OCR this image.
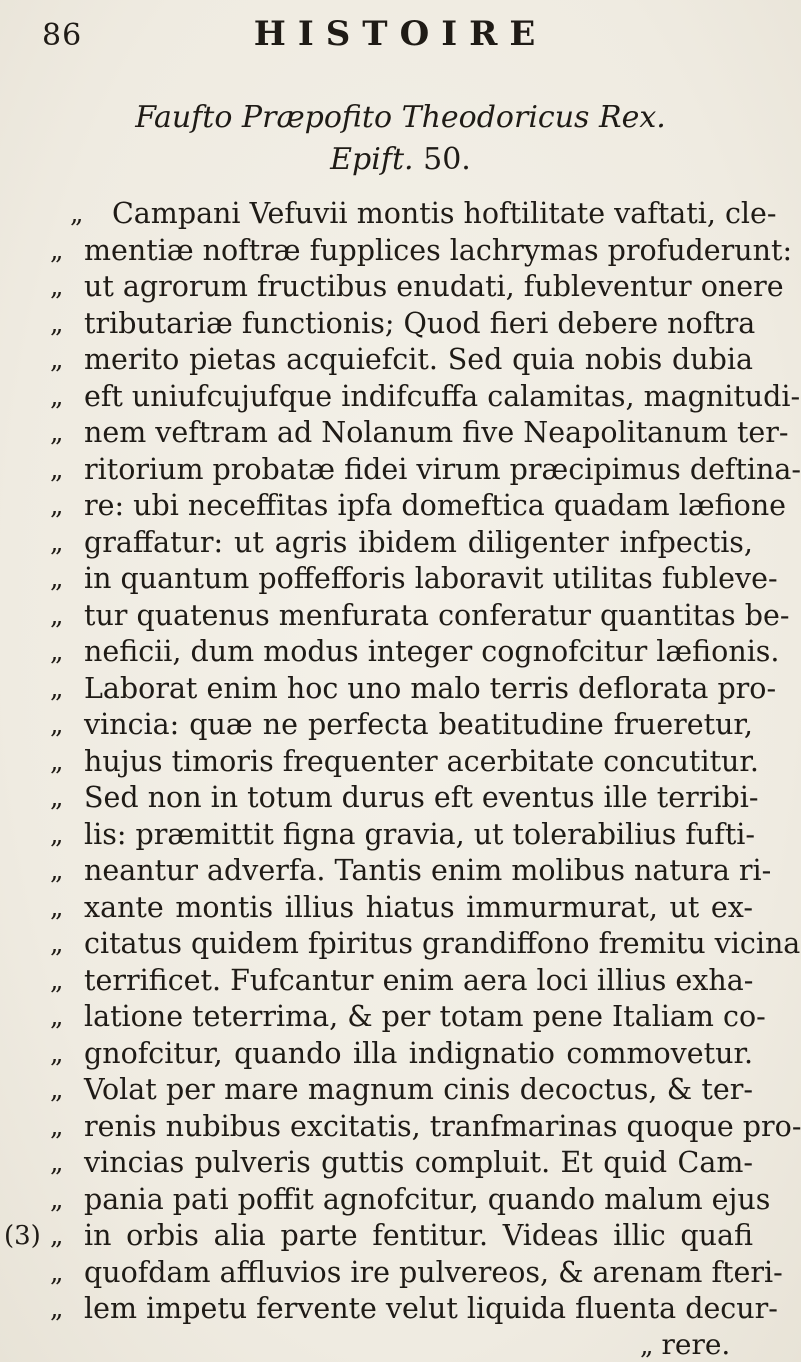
86	HISTOIRE
Faufto Præpofito Theodoricus Rex.
Epift. 50.
„	Campani Vefuvii montis hoftilitate vaftati, cle-
„ mentiæ noftræ fupplices lachrymas profuderunt:
„ ut agrorum fructibus enudati, fubleventur onere
„ tributariæ functionis; Quod fieri debere noftra
„ merito pietas acquiefcit. Sed quia nobis dubia
„ eft uniufcujufque indifcuffa calamitas, magnitudi-
„ nem veftram ad Nolanum five Neapolitanum ter-
„ ritorium probatæ fidei virum præcipimus deftina-
„ re: ubi neceffitas ipfa domeftica quadam læfione
„ graffatur: ut agris ibidem diligenter infpectis,
„ in quantum poffefforis laboravit utilitas fubleve-
„ tur quatenus menfurata conferatur quantitas be-
„ neficii, dum modus integer cognofcitur læfionis.
„ Laborat enim hoc uno malo terris deflorata pro-
„ vincia: quæ ne perfecta beatitudine frueretur,
„ hujus timoris frequenter acerbitate concutitur.
„ Sed non in totum durus eft eventus ille terribi-
„ lis: præmittit figna gravia, ut tolerabilius fufti-
„ neantur adverfa. Tantis enim molibus natura ri-
„ xante montis illius hiatus immurmurat, ut ex-
„ citatus quidem fpiritus grandiffono fremitu vicina
„ terrificet. Fufcantur enim aera loci illius exha-
„ latione teterrima, & per totam pene Italiam co-
„ gnofcitur, quando illa indignatio commovetur.
„ Volat per mare magnum cinis decoctus, & ter-
„ renis nubibus excitatis, tranfmarinas quoque pro-
„ vincias pulveris guttis compluit. Et quid Cam-
„ pania pati poffit agnofcitur, quando malum ejus
„
(3) in orbis alia parte fentitur. Videas illic quafi
„ quofdam affluvios ire pulvereos, & arenam fteri-
„ lem impetu fervente velut liquida fluenta decur-
„ rere.
